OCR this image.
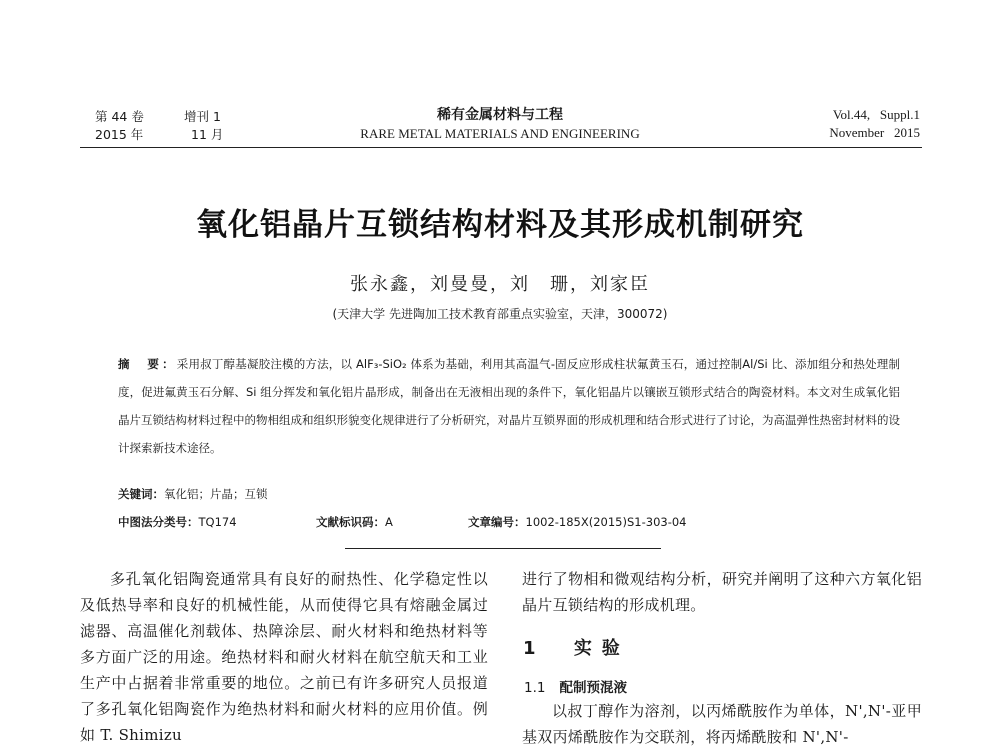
第 44 卷	增刊 1
2015 年	11 月
稀有金属材料与工程
RARE METAL MATERIALS AND ENGINEERING
Vol.44,   Suppl.1
November   2015
氧化铝晶片互锁结构材料及其形成机制研究
张永鑫，刘曼曼，刘　珊，刘家臣
(天津大学 先进陶加工技术教育部重点实验室，天津，300072)
摘　要：采用叔丁醇基凝胶注模的方法，以 AlF₃-SiO₂ 体系为基础，利用其高温气-固反应形成柱状氟黄玉石，通过控制Al/Si 比、添加组分和热处理制度，促进氟黄玉石分解、Si 组分挥发和氧化铝片晶形成，制备出在无液相出现的条件下，氧化铝晶片以镶嵌互锁形式结合的陶瓷材料。本文对生成氧化铝晶片互锁结构材料过程中的物相组成和组织形貌变化规律进行了分析研究，对晶片互锁界面的形成机理和结合形式进行了讨论，为高温弹性热密封材料的设计探索新技术途径。
关键词：氧化铝；片晶；互锁
中图法分类号：TQ174	文献标识码：A	文章编号：1002-185X(2015)S1-303-04

多孔氧化铝陶瓷通常具有良好的耐热性、化学稳定性以及低热导率和良好的机械性能，从而使得它具有熔融金属过滤器、高温催化剂载体、热障涂层、耐火材料和绝热材料等多方面广泛的用途。绝热材料和耐火材料在航空航天和工业生产中占据着非常重要的地位。之前已有许多研究人员报道了多孔氧化铝陶瓷作为绝热材料和耐火材料的应用价值。例如 T. Shimizu

进行了物相和微观结构分析，研究并阐明了这种六方氧化铝晶片互锁结构的形成机理。

1 实验
1.1 配制预混液

以叔丁醇作为溶剂，以丙烯酰胺作为单体，N',N'-亚甲基双丙烯酰胺作为交联剂，将丙烯酰胺和 N',N'-
